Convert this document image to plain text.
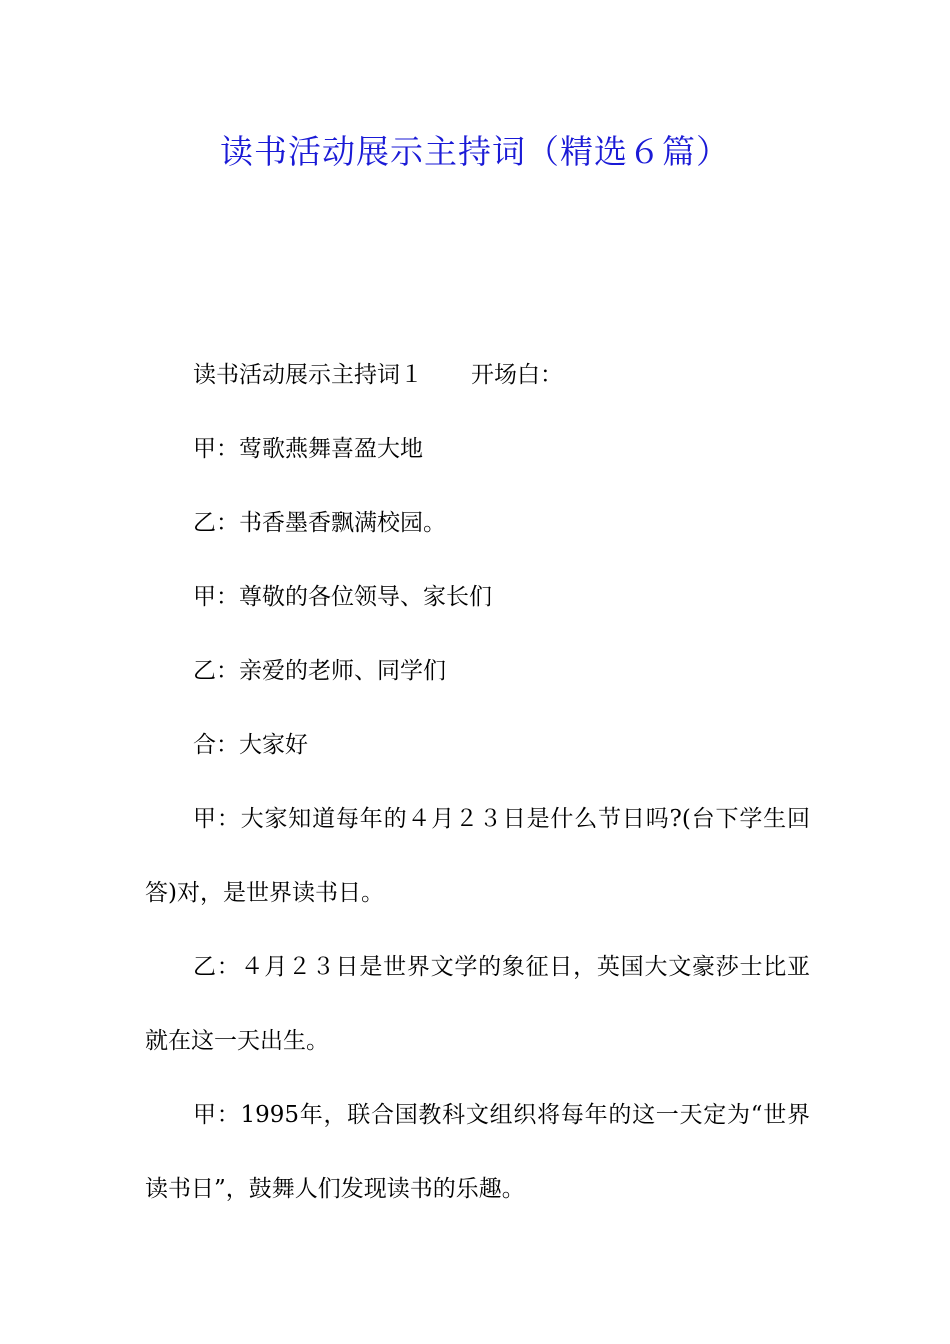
读书活动展示主持词（精选６篇）

读书活动展示主持词１ 开场白：

甲：莺歌燕舞喜盈大地

乙：书香墨香飘满校园。

甲：尊敬的各位领导、家长们

乙：亲爱的老师、同学们

合：大家好

甲：大家知道每年的４月２３日是什么节日吗?(台下学生回答)对，是世界读书日。

乙：４月２３日是世界文学的象征日，英国大文豪莎士比亚就在这一天出生。

甲：1995年，联合国教科文组织将每年的这一天定为“世界读书日”，鼓舞人们发现读书的乐趣。
